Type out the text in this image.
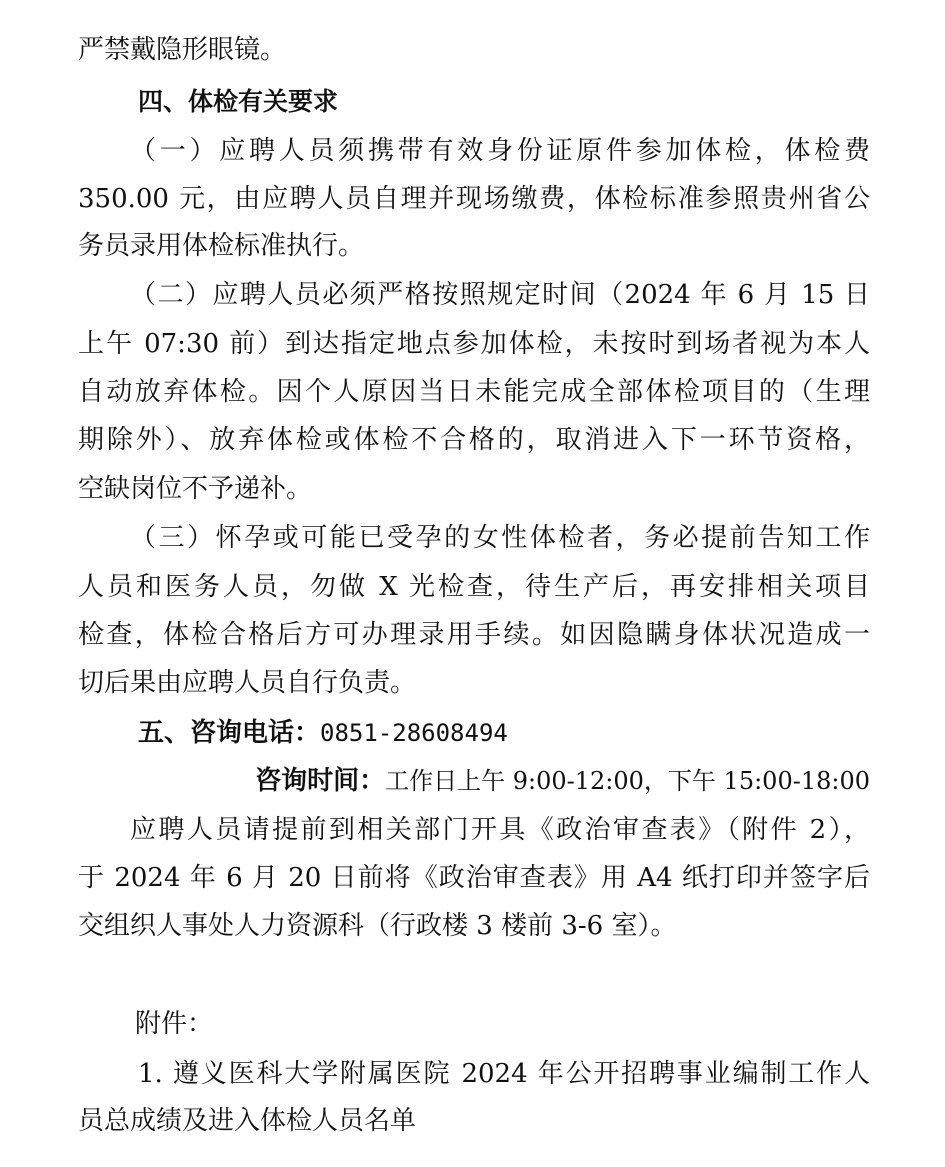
严禁戴隐形眼镜。
四、体检有关要求
（一）应聘人员须携带有效身份证原件参加体检，体检费
350.00 元，由应聘人员自理并现场缴费，体检标准参照贵州省公
务员录用体检标准执行。
（二）应聘人员必须严格按照规定时间（2024 年 6 月 15 日
上午 07:30 前）到达指定地点参加体检，未按时到场者视为本人
自动放弃体检。因个人原因当日未能完成全部体检项目的（生理
期除外）、放弃体检或体检不合格的，取消进入下一环节资格，
空缺岗位不予递补。
（三）怀孕或可能已受孕的女性体检者，务必提前告知工作
人员和医务人员，勿做 X 光检查，待生产后，再安排相关项目
检查，体检合格后方可办理录用手续。如因隐瞒身体状况造成一
切后果由应聘人员自行负责。
五、咨询电话：0851-28608494
咨询时间：工作日上午 9:00-12:00，下午 15:00-18:00
应聘人员请提前到相关部门开具《政治审查表》（附件 2），
于 2024 年 6 月 20 日前将《政治审查表》用 A4 纸打印并签字后
交组织人事处人力资源科（行政楼 3 楼前 3-6 室）。
附件：
1. 遵义医科大学附属医院 2024 年公开招聘事业编制工作人
员总成绩及进入体检人员名单
